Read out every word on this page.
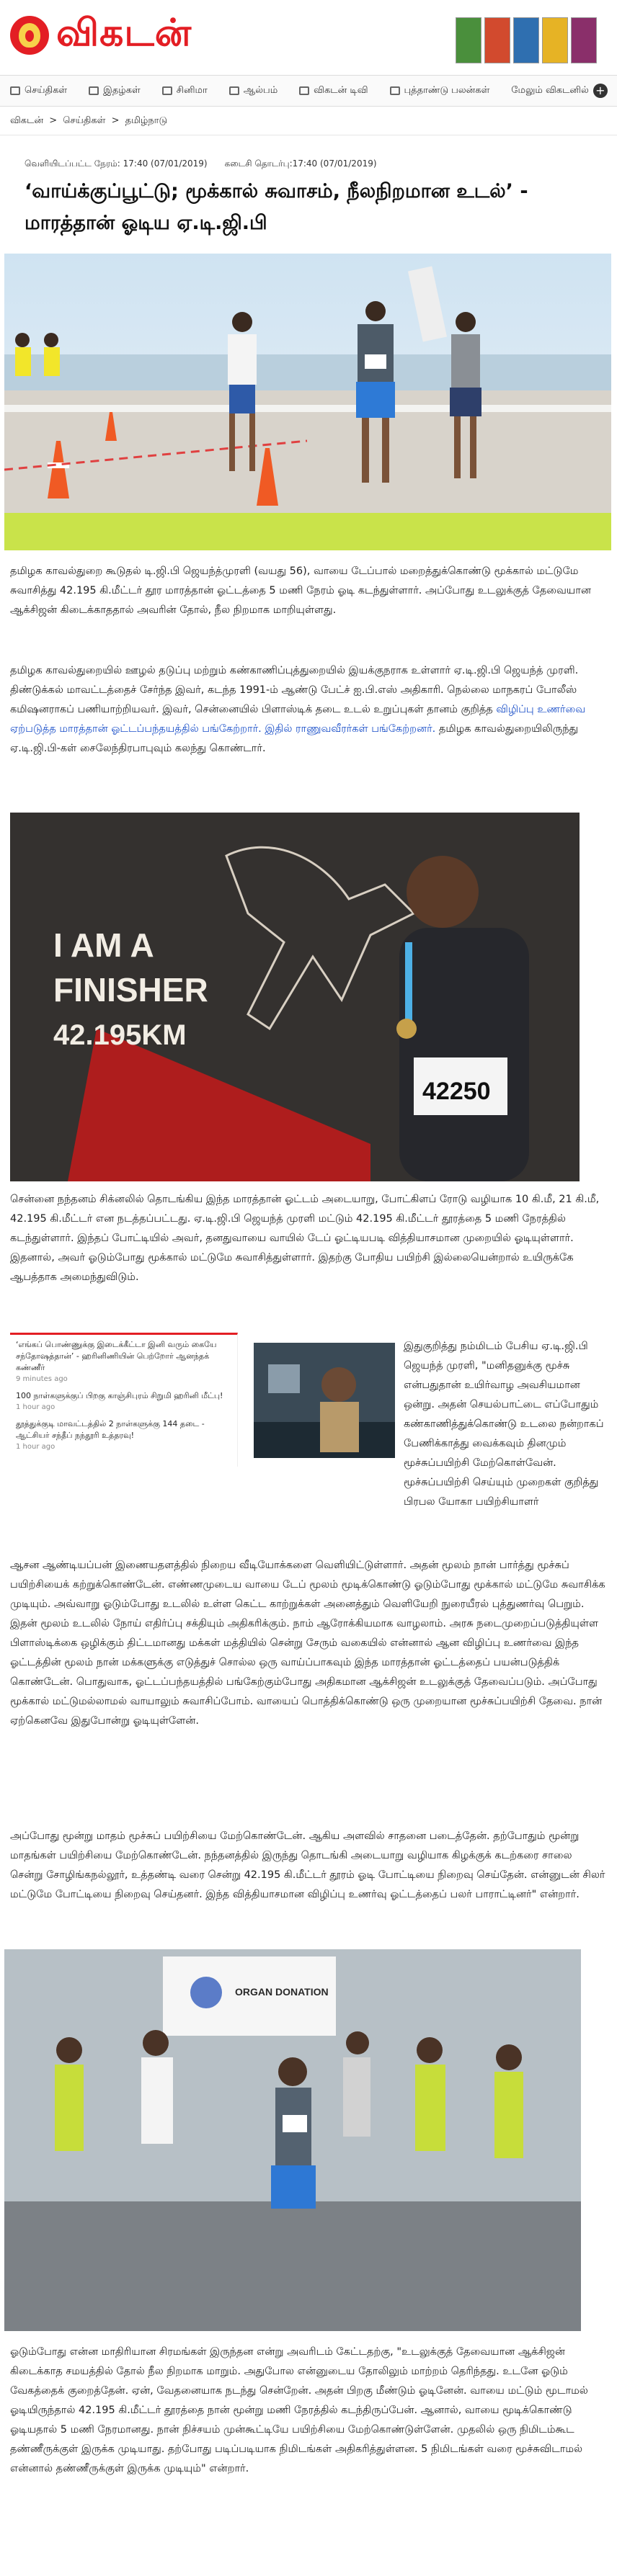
விகடன்
செய்திகள்	இதழ்கள்	சினிமா	ஆல்பம்	விகடன் டிவி	புத்தாண்டு பலன்கள் மேலும் விகடனில் +
விகடன் > செய்திகள் > தமிழ்நாடு
வெளியிடப்பட்ட நேரம்: 17:40 (07/01/2019) கடைசி தொடர்பு:17:40 (07/01/2019)
‘வாய்க்குப்பூட்டு; மூக்கால் சுவாசம், நீலநிறமான உடல்’ - மாரத்தான் ஓடிய ஏ.டி.ஜி.பி

தமிழக காவல்துறை கூடுதல் டி.ஜி.பி ஜெயந்த்முரளி (வயது 56), வாயை டேப்பால் மறைத்துக்கொண்டு மூக்கால் மட்டுமே சுவாசித்து 42.195 கி.மீட்டர் தூர மாரத்தான் ஓட்டத்தை 5 மணி நேரம் ஓடி கடந்துள்ளார். அப்போது உடலுக்குத் தேவையான ஆக்சிஜன் கிடைக்காததால் அவரின் தோல், நீல நிறமாக மாறியுள்ளது.

தமிழக காவல்துறையில் ஊழல் தடுப்பு மற்றும் கண்காணிப்புத்துறையில் இயக்குநராக உள்ளார் ஏ.டி.ஜி.பி ஜெயந்த் முரளி. திண்டுக்கல் மாவட்டத்தைச் சேர்ந்த இவர், கடந்த 1991-ம் ஆண்டு பேட்ச் ஐ.பி.எஸ் அதிகாரி. நெல்லை மாநகரப் போலீஸ் கமிஷனராகப் பணியாற்றியவர். இவர், சென்னையில் பிளாஸ்டிக் தடை உடல் உறுப்புகள் தானம் குறித்த விழிப்பு உணர்வை ஏற்படுத்த மாரத்தான் ஓட்டப்பந்தயத்தில் பங்கேற்றார். இதில் ராணுவவீரர்கள் பங்கேற்றனர். தமிழக காவல்துறையிலிருந்து ஏ.டி.ஜி.பி-கள் சைலேந்திரபாபுவும் கலந்து கொண்டார்.

I AM A
FINISHER
42.195KM
42250

சென்னை நந்தனம் சிக்னலில் தொடங்கிய இந்த மாரத்தான் ஓட்டம் அடையாறு, போட்கிளப் ரோடு வழியாக 10 கி.மீ, 21 கி.மீ, 42.195 கி.மீட்டர் என நடத்தப்பட்டது. ஏ.டி.ஜி.பி ஜெயந்த் முரளி மட்டும் 42.195 கி.மீட்டர் தூரத்தை 5 மணி நேரத்தில் கடந்துள்ளார். இந்தப் போட்டியில் அவர், தனதுவாயை வாயில் டேப் ஓட்டியபடி வித்தியாசமான முறையில் ஓடியுள்ளார். இதனால், அவர் ஓடும்போது மூக்கால் மட்டுமே சுவாசித்துள்ளார். இதற்கு போதிய பயிற்சி இல்லையென்றால் உயிருக்கே ஆபத்தாக அமைந்துவிடும்.

‘எங்கப் பொண்ணுக்கு இடைக்கீட்டா இனி வரும் கையே சந்தோஷத்தான்’ - ஹரினிணியின் பெற்றோர் ஆனந்தக் கண்ணீர்
9 minutes ago
100 நாள்களுக்குப் பிறகு காஞ்சிபுரம் சிறுமி ஹரினி மீட்பு!
1 hour ago
தூத்துக்குடி மாவட்டத்தில் 2 நாள்களுக்கு 144 தடை - ஆட்சியர் சந்தீப் நந்தூரி உத்தரவு!
1 hour ago

இதுகுறித்து நம்மிடம் பேசிய ஏ.டி.ஜி.பி ஜெயந்த் முரளி, "மனிதனுக்கு மூச்சு என்பதுதான் உயிர்வாழ அவசியமான ஒன்று. அதன் செயல்பாட்டை எப்போதும் கண்காணித்துக்கொண்டு உடலை நன்றாகப் பேணிக்காத்து வைக்கவும் தினமும் மூச்சுப்பயிற்சி மேற்கொள்வேன். மூச்சுப்பயிற்சி செய்யும் முறைகள் குறித்து பிரபல யோகா பயிற்சியாளர்

ஆசன ஆண்டியப்பன் இணையதளத்தில் நிறைய வீடியோக்களை வெளியிட்டுள்ளார். அதன் மூலம் நான் பார்த்து மூச்சுப் பயிற்சியைக் கற்றுக்கொண்டேன். எண்ணமுடைய வாயை டேப் மூலம் மூடிக்கொண்டு ஓடும்போது மூக்கால் மட்டுமே சுவாசிக்க முடியும். அவ்வாறு ஓடும்போது உடலில் உள்ள கெட்ட காற்றுக்கள் அனைத்தும் வெளியேறி நுரையீரல் புத்துணர்வு பெறும். இதன் மூலம் உடலில் நோய் எதிர்ப்பு சக்தியும் அதிகரிக்கும். நாம் ஆரோக்கியமாக வாழலாம். அரசு நடைமுறைப்படுத்தியுள்ள பிளாஸ்டிக்கை ஒழிக்கும் திட்டமானது மக்கள் மத்தியில் சென்று சேரும் வகையில் என்னால் ஆன விழிப்பு உணர்வை இந்த ஓட்டத்தின் மூலம் நான் மக்களுக்கு எடுத்துச் சொல்ல ஒரு வாய்ப்பாகவும் இந்த மாரத்தான் ஓட்டத்தைப் பயன்படுத்திக் கொண்டேன். பொதுவாக, ஓட்டப்பந்தயத்தில் பங்கேற்கும்போது அதிகமான ஆக்சிஜன் உடலுக்குத் தேவைப்படும். அப்போது மூக்கால் மட்டுமல்லாமல் வாயாலும் சுவாசிப்போம். வாயைப் பொத்திக்கொண்டு ஒரு முறையான மூச்சுப்பயிற்சி தேவை. நான் ஏற்கெனவே இதுபோன்று ஓடியுள்ளேன்.

அப்போது மூன்று மாதம் மூச்சுப் பயிற்சியை மேற்கொண்டேன். ஆகிய அளவில் சாதனை படைத்தேன். தற்போதும் மூன்று மாதங்கள் பயிற்சியை மேற்கொண்டேன். நந்தனத்தில் இருந்து தொடங்கி அடையாறு வழியாக கிழக்குக் கடற்கரை சாலை சென்று சோழிங்கநல்லூர், உத்தண்டி வரை சென்று 42.195 கி.மீட்டர் தூரம் ஓடி போட்டியை நிறைவு செய்தேன். என்னுடன் சிலர் மட்டுமே போட்டியை நிறைவு செய்தனர். இந்த வித்தியாசமான விழிப்பு உணர்வு ஓட்டத்தைப் பலர் பாராட்டினர்" என்றார்.

ORGAN DONATION

ஓடும்போது என்ன மாதிரியான சிரமங்கள் இருந்தன என்று அவரிடம் கேட்டதற்கு, "உடலுக்குத் தேவையான ஆக்சிஜன் கிடைக்காத சமயத்தில் தோல் நீல நிறமாக மாறும். அதுபோல என்னுடைய தோலிலும் மாற்றம் தெரிந்தது. உடனே ஓடும் வேகத்தைக் குறைத்தேன். ஏன், வேதனையாக நடந்து சென்றேன். அதன் பிறகு மீண்டும் ஓடினேன். வாயை மட்டும் மூடாமல் ஓடியிருந்தால் 42.195 கி.மீட்டர் தூரத்தை நான் மூன்று மணி நேரத்தில் கடந்திருப்பேன். ஆனால், வாயை மூடிக்கொண்டு ஓடியதால் 5 மணி நேரமானது. நான் நிச்சயம் முன்கூட்டியே பயிற்சியை மேற்கொண்டுள்ளேன். முதலில் ஒரு நிமிடம்கூட தண்ணீருக்குள் இருக்க முடியாது. தற்போது படிப்படியாக நிமிடங்கள் அதிகரித்துள்ளன. 5 நிமிடங்கள் வரை மூச்சுவிடாமல் என்னால் தண்ணீருக்குள் இருக்க முடியும்" என்றார்.
